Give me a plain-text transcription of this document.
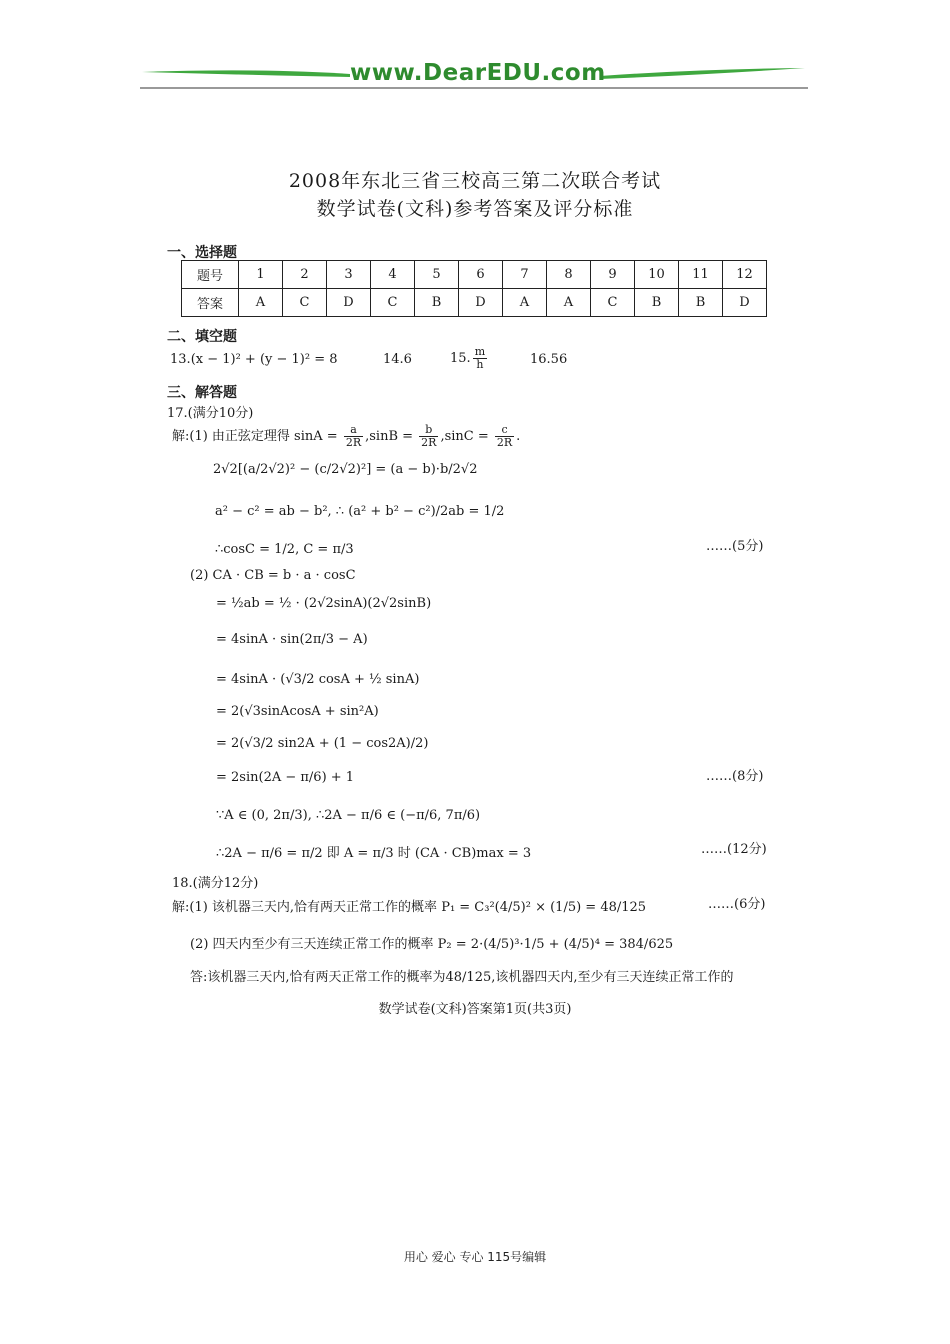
www.DearEDU.com
2008年东北三省三校高三第二次联合考试
数学试卷(文科)参考答案及评分标准
一、选择题
题号	1	2	3	4	5	6	7	8	9	10	11	12
答案	A	C	D	C	B	D	A	A	C	B	B	D
二、填空题
13.(x − 1)² + (y − 1)² = 8	14.6	15. $\frac{m}{h}$	16.56
三、解答题
17.(满分10分)
解:(1) 由正弦定理得 $\sin A = \frac{a}{2R} ,\sin B = \frac{b}{2R} ,\sin C = \frac{c}{2R}$ .
2√2[(a/2√2)² − (c/2√2)²] = (a − b)·b/2√2
a² − c² = ab − b², ∴ (a² + b² − c²)/2ab = 1/2
∴cosC = 1/2, C = π/3	……(5分)
(2) CA · CB = b · a · cosC
= ½ab = ½ · (2√2sinA)(2√2sinB)
= 4sinA · sin(2π/3 − A)
= 4sinA · (√3/2 cosA + ½ sinA)
= 2(√3sinAcosA + sin²A)
= 2(√3/2 sin2A + (1 − cos2A)/2)
= 2sin(2A − π/6) + 1	……(8分)
∵A ∈ (0, 2π/3), ∴2A − π/6 ∈ (−π/6, 7π/6)
∴2A − π/6 = π/2 即 A = π/3 时 (CA · CB)max = 3	……(12分)
18.(满分12分)
解:(1) 该机器三天内,恰有两天正常工作的概率 P₁ = C₃²(4/5)² × (1/5) = 48/125	……(6分)
(2) 四天内至少有三天连续正常工作的概率 P₂ = 2·(4/5)³·1/5 + (4/5)⁴ = 384/625
答:该机器三天内,恰有两天正常工作的概率为48/125,该机器四天内,至少有三天连续正常工作的
数学试卷(文科)答案第1页(共3页)
用心 爱心 专心 115号编辑
